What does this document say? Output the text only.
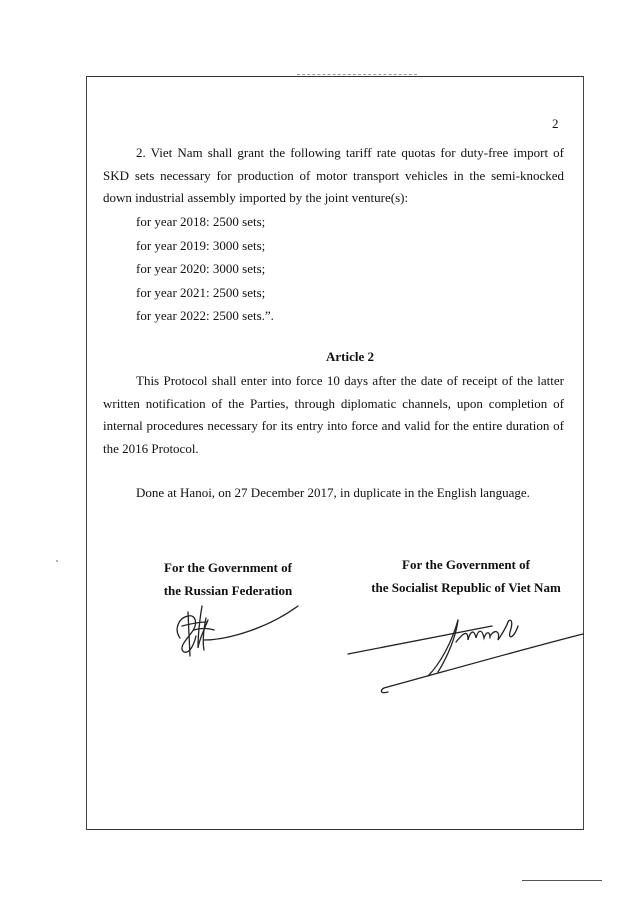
2
2. Viet Nam shall grant the following tariff rate quotas for duty-free import of SKD sets necessary for production of motor transport vehicles in the semi-knocked down industrial assembly imported by the joint venture(s):
for year 2018: 2500 sets;
for year 2019: 3000 sets;
for year 2020: 3000 sets;
for year 2021: 2500 sets;
for year 2022: 2500 sets.”.
Article 2
This Protocol shall enter into force 10 days after the date of receipt of the latter written notification of the Parties, through diplomatic channels, upon completion of internal procedures necessary for its entry into force and valid for the entire duration of the 2016 Protocol.
Done at Hanoi, on 27 December 2017, in duplicate in the English language.
For the Government of
the Russian Federation
For the Government of
the Socialist Republic of Viet Nam
